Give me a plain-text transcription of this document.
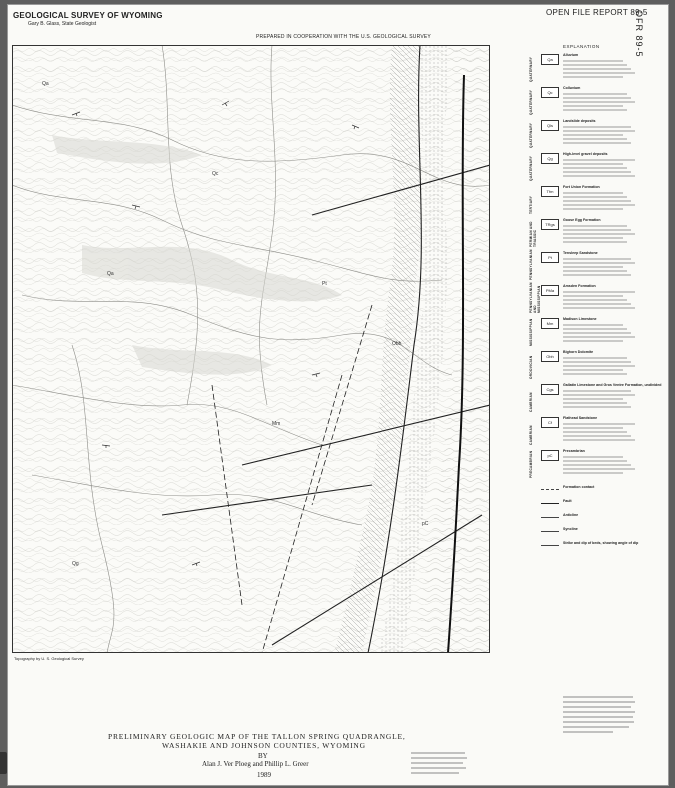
GEOLOGICAL SURVEY OF WYOMING
Gary B. Glass, State Geologist
OPEN FILE REPORT 89-5
OFR 89-5
PREPARED IN COOPERATION WITH THE U.S. GEOLOGICAL SURVEY
Qa
Qc
Qa
Pt
Mm
Obh
pC
Qg
Topography by U. S. Geological Survey
EXPLANATION
Qa
Alluvium
QUATERNARY
Qc
Colluvium
QUATERNARY
Qls
Landslide deposits
QUATERNARY
Qg
High-level gravel deposits
QUATERNARY
Tfm
Fort Union Formation
TERTIARY
TRgs
Goose Egg Formation
PERMIAN AND TRIASSIC
Pt
Tensleep Sandstone
PENNSYLVANIAN
PMa
Amsden Formation
PENNSYLVANIAN AND MISSISSIPPIAN
Mm
Madison Limestone
MISSISSIPPIAN
Obh
Bighorn Dolomite
ORDOVICIAN
Cgs
Gallatin Limestone and Gros Ventre Formation, undivided
CAMBRIAN
Cf
Flathead Sandstone
CAMBRIAN
pC
Precambrian
PRECAMBRIAN
Formation contact
Fault
Anticline
Syncline
Strike and dip of beds, showing angle of dip
PRELIMINARY GEOLOGIC MAP OF THE TALLON SPRING QUADRANGLE,
WASHAKIE AND JOHNSON COUNTIES, WYOMING
BY
Alan J. Ver Ploeg and Phillip L. Greer
1989
